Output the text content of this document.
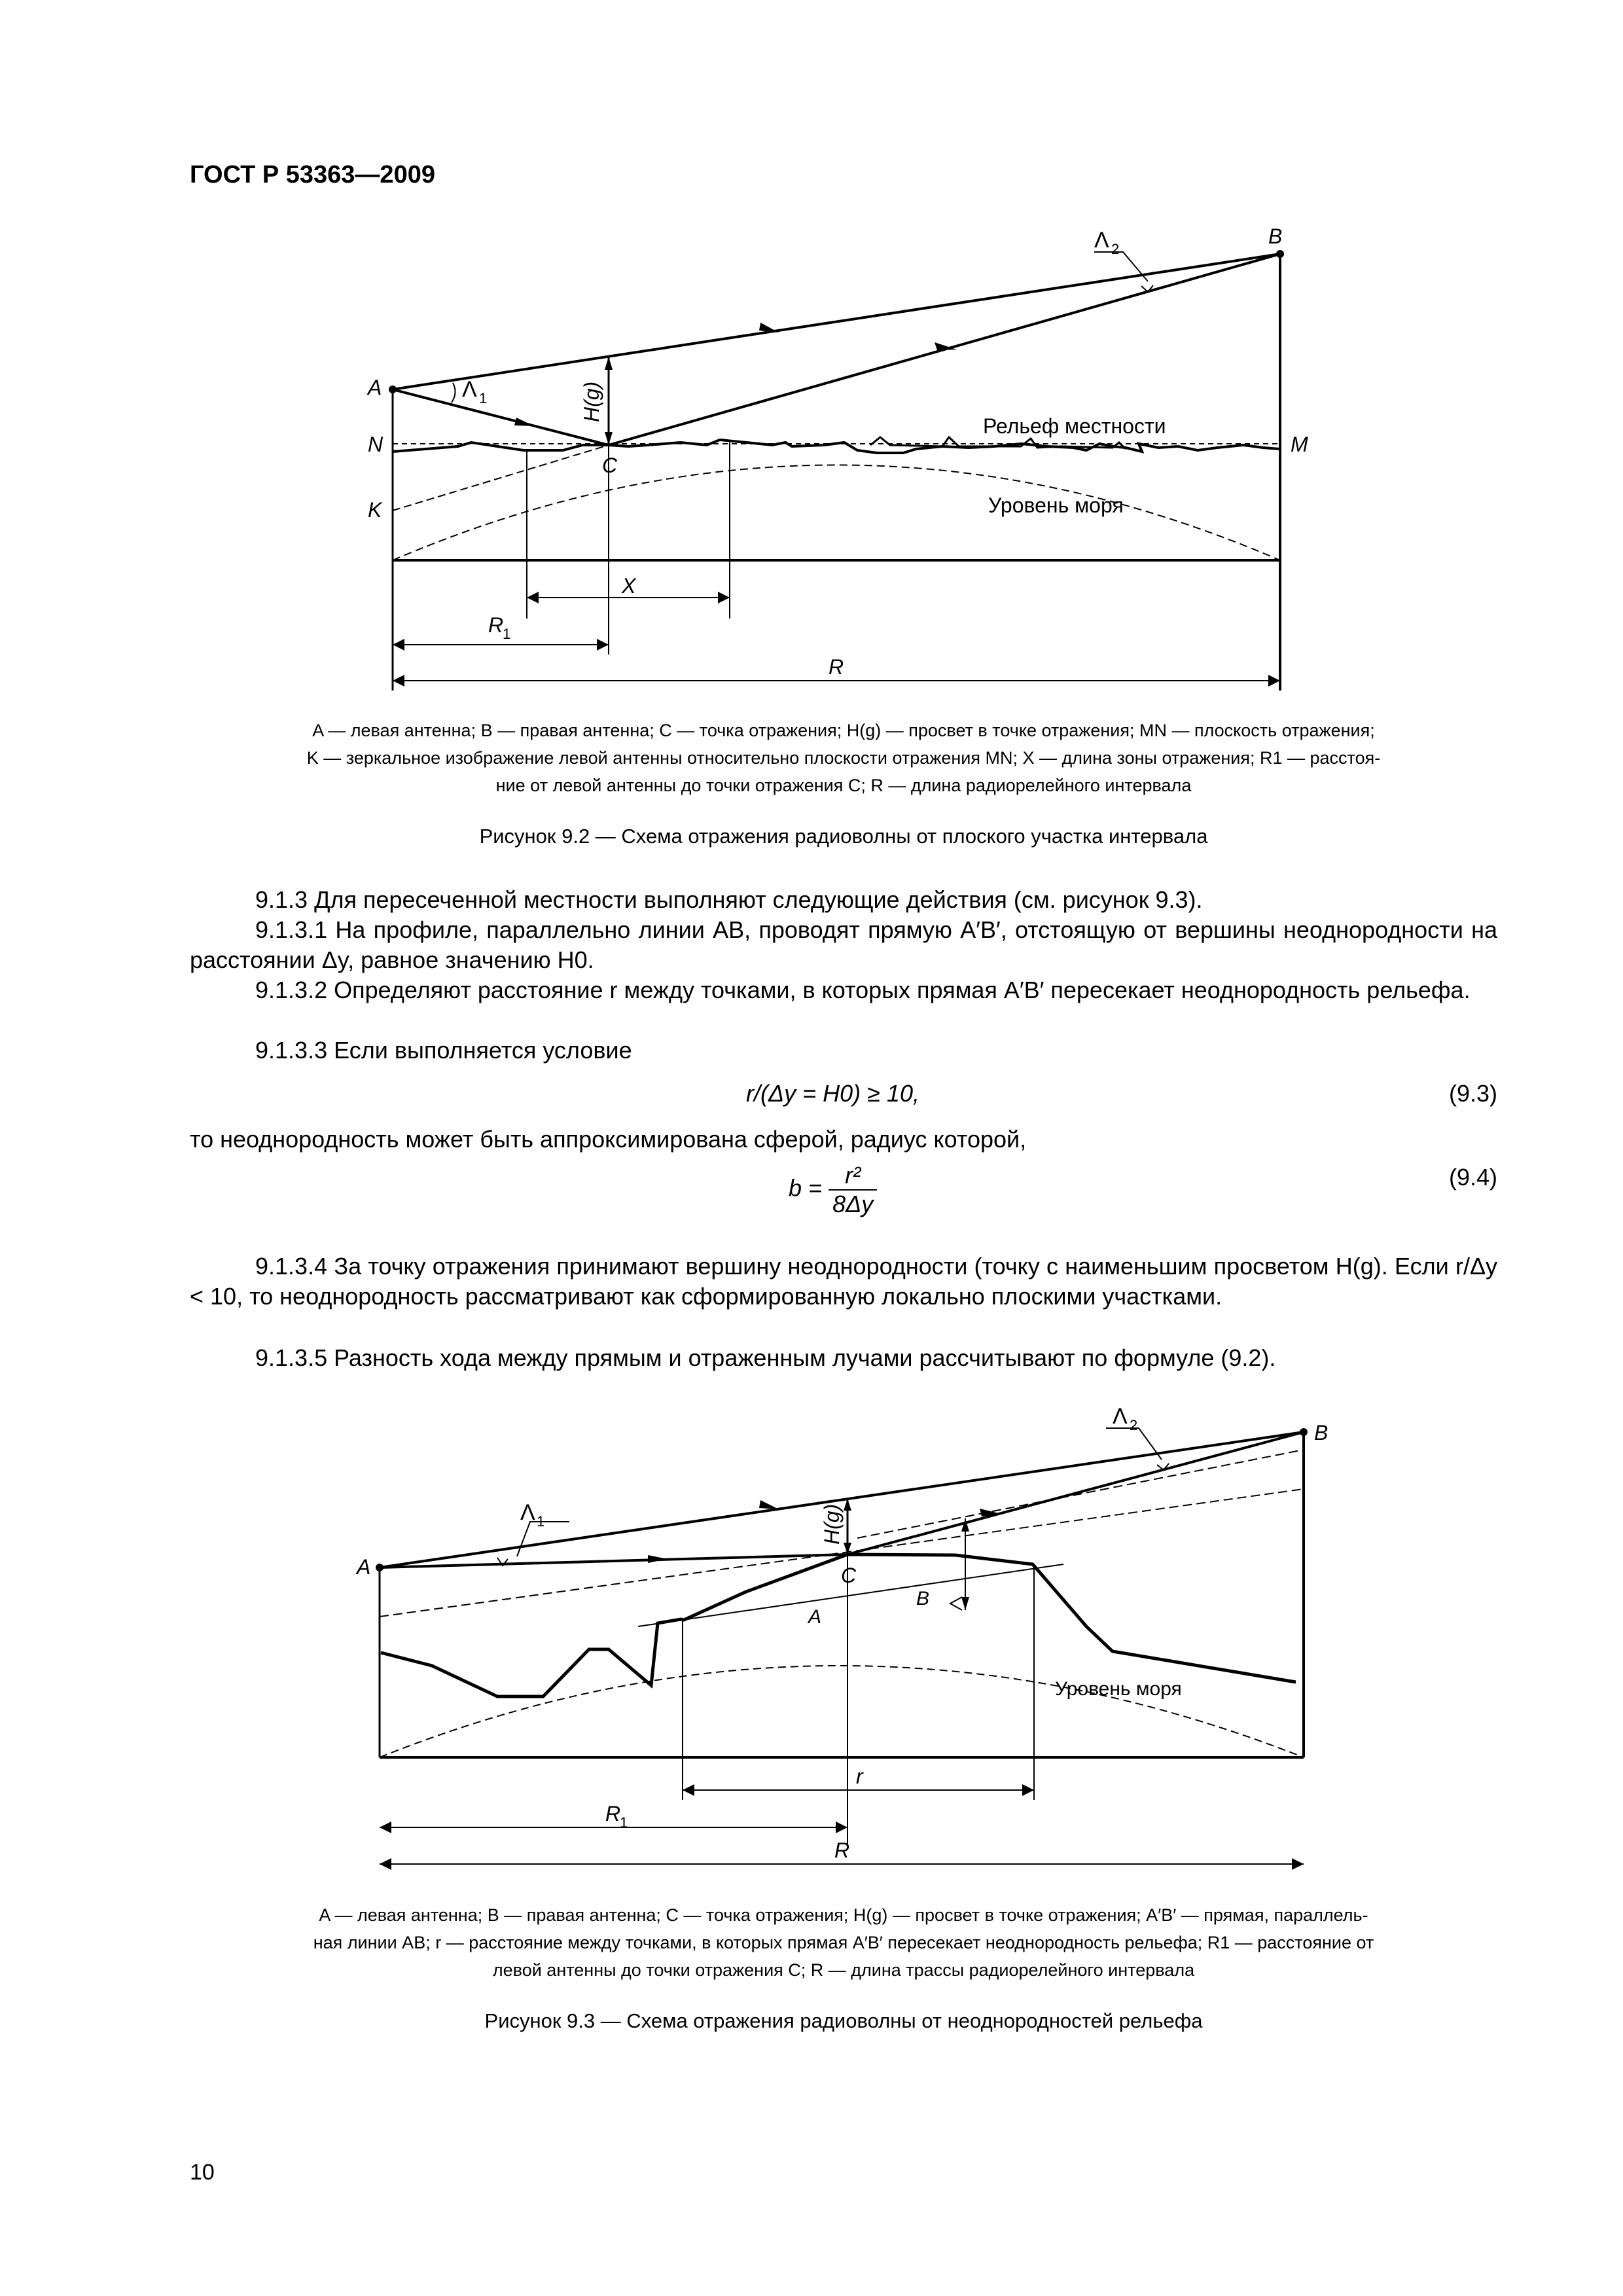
ГОСТ Р 53363—2009
A
B
N	M
K
C
Λ 1
Λ 2
H(g)
Рельеф местности
Уровень моря
X
R
1
R
A — левая антенна; B — правая антенна; C — точка отражения; H(g) — просвет в точке отражения; MN — плоскость отражения;
K — зеркальное изображение левой антенны относительно плоскости отражения MN; X — длина зоны отражения; R1 — расстоя-
ние от левой антенны до точки отражения C; R — длина радиорелейного интервала
Рисунок 9.2 — Схема отражения радиоволны от плоского участка интервала
9.1.3 Для пересеченной местности выполняют следующие действия (см. рисунок 9.3).
9.1.3.1 На профиле, параллельно линии AB, проводят прямую A′B′, отстоящую от вершины неоднородности на расстоянии Δy, равное значению H0.
9.1.3.2 Определяют расстояние r между точками, в которых прямая A′B′ пересекает неоднородность рельефа.
9.1.3.3 Если выполняется условие
r/(Δy = H0) ≥ 10,	(9.3)
то неоднородность может быть аппроксимирована сферой, радиус которой,
$b = \frac{\text{r²}}{8\Delta y}$	(9.4)
9.1.3.4 За точку отражения принимают вершину неоднородности (точку с наименьшим просветом H(g). Если r/Δy < 10, то неоднородность рассматривают как сформированную локально плоскими участками.
9.1.3.5 Разность хода между прямым и отраженным лучами рассчитывают по формуле (9.2).
A
B
C
A
B
Λ 1
Λ 2
H(g)
Уровень моря
r
R
1
R
A — левая антенна; B — правая антенна; C — точка отражения; H(g) — просвет в точке отражения; A′B′ — прямая, параллель-
ная линии AB; r — расстояние между точками, в которых прямая A′B′ пересекает неоднородность рельефа; R1 — расстояние от
левой антенны до точки отражения C; R — длина трассы радиорелейного интервала
Рисунок 9.3 — Схема отражения радиоволны от неоднородностей рельефа
10
